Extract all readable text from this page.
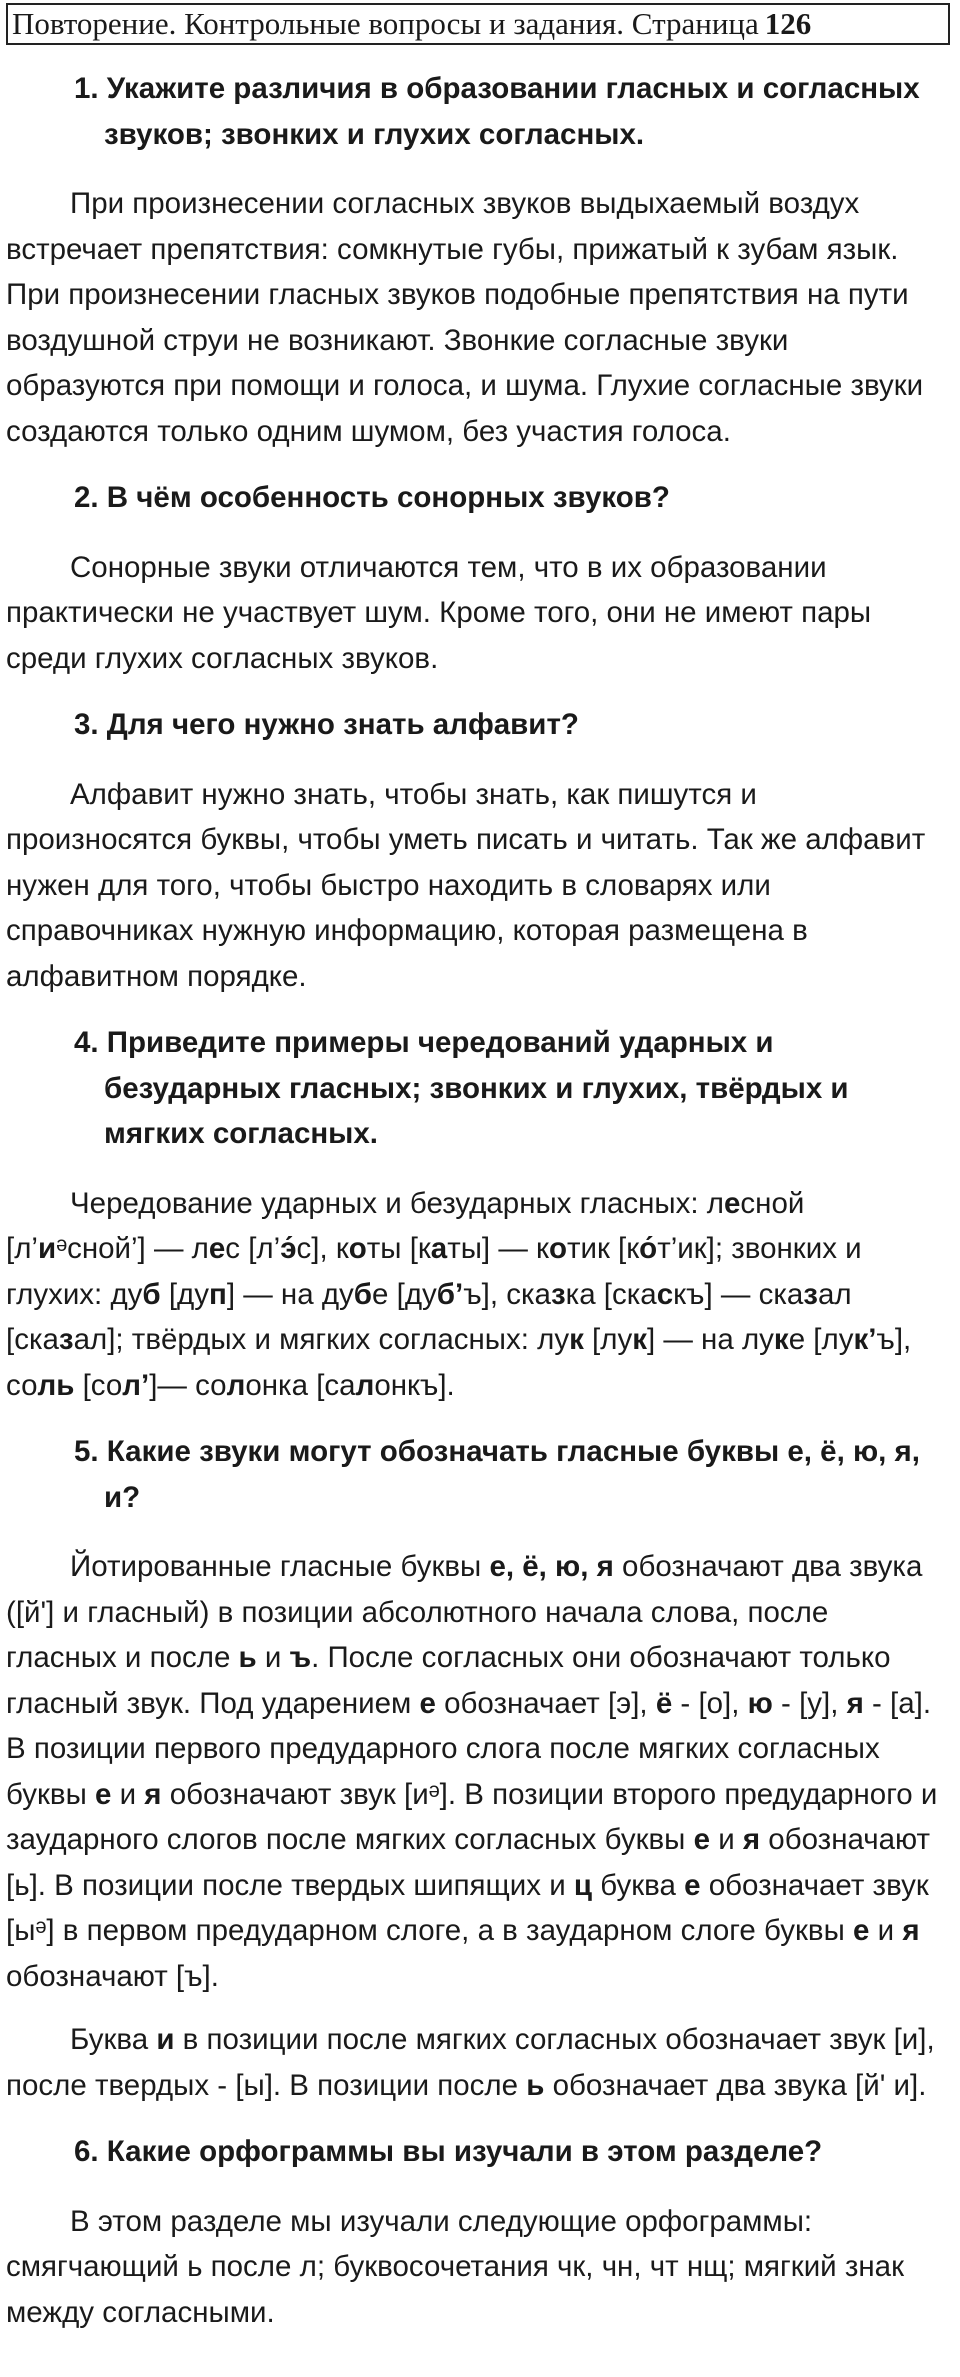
Повторение. Контрольные вопросы и задания. Страница 126
1. Укажите различия в образовании гласных и согласных звуков; звонких и глухих согласных.
При произнесении согласных звуков выдыхаемый воздух встречает препятствия: сомкнутые губы, прижатый к зубам язык. При произнесении гласных звуков подобные препятствия на пути воздушной струи не возникают. Звонкие согласные звуки образуются при помощи и голоса, и шума. Глухие согласные звуки создаются только одним шумом, без участия голоса.
2. В чём особенность сонорных звуков?
Сонорные звуки отличаются тем, что в их образовании практически не участвует шум. Кроме того, они не имеют пары среди глухих согласных звуков.
3. Для чего нужно знать алфавит?
Алфавит нужно знать, чтобы знать, как пишутся и произносятся буквы, чтобы уметь писать и читать. Так же алфавит нужен для того, чтобы быстро находить в словарях или справочниках нужную информацию, которая размещена в алфавитном порядке.
4. Приведите примеры чередований ударных и безударных гласных; звонких и глухих, твёрдых и мягких согласных.
Чередование ударных и безударных гласных: лесной [л’иᵊсной’] — лес [л’э́с], коты [каты] — котик [ко́т’ик]; звонких и глухих: дуб [дуп] — на дубе [дуб’ъ], сказка [скаскъ] — сказал [сказал]; твёрдых и мягких согласных: лук [лук] — на луке [лук’ъ], соль [сол’]— солонка [салонкъ].
5. Какие звуки могут обозначать гласные буквы е, ё, ю, я, и?
Йотированные гласные буквы е, ё, ю, я обозначают два звука ([й'] и гласный) в позиции абсолютного начала слова, после гласных и после ь и ъ. После согласных они обозначают только гласный звук. Под ударением е обозначает [э], ё - [о], ю - [у], я - [а]. В позиции первого предударного слога после мягких согласных буквы е и я обозначают звук [иᵊ]. В позиции второго предударного и заударного слогов после мягких согласных буквы е и я обозначают [ь]. В позиции после твердых шипящих и ц буква е обозначает звук [ыᵊ] в первом предударном слоге, а в заударном слоге буквы е и я обозначают [ъ].
Буква и в позиции после мягких согласных обозначает звук [и], после твердых - [ы]. В позиции после ь обозначает два звука [й' и].
6. Какие орфограммы вы изучали в этом разделе?
В этом разделе мы изучали следующие орфограммы: смягчающий ь после л; буквосочетания чк, чн, чт нщ; мягкий знак между согласными.
